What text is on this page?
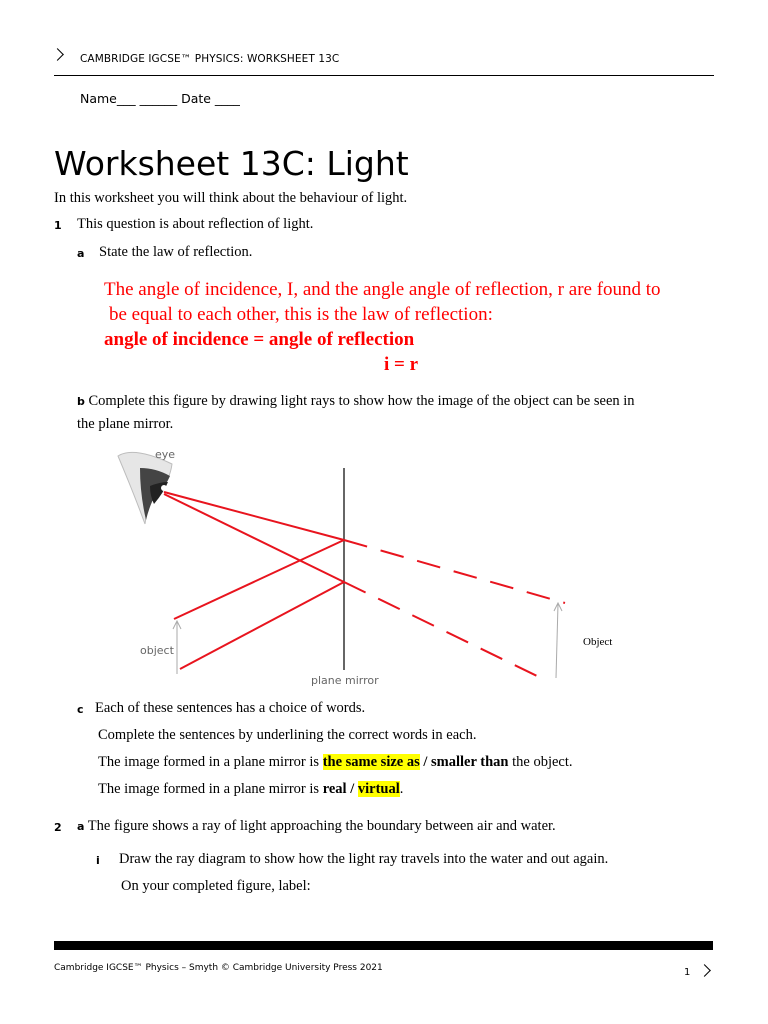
CAMBRIDGE IGCSE™ PHYSICS: WORKSHEET 13C
Name___ ______ Date ____
Worksheet 13C: Light
In this worksheet you will think about the behaviour of light.
1 This question is about reflection of light.
a State the law of reflection.
The angle of incidence, I, and the angle angle of reflection, r are found to
be equal to each other, this is the law of reflection:
angle of incidence = angle of reflection
i = r
b Complete this figure by drawing light rays to show how the image of the object can be seen in
the plane mirror.
eye
plane mirror
object
Object
c Each of these sentences has a choice of words.
Complete the sentences by underlining the correct words in each.
The image formed in a plane mirror is the same size as / smaller than the object.
The image formed in a plane mirror is real / virtual.
2 a The figure shows a ray of light approaching the boundary between air and water.
i Draw the ray diagram to show how the light ray travels into the water and out again.
On your completed figure, label:
Cambridge IGCSE™ Physics – Smyth © Cambridge University Press 2021	1
